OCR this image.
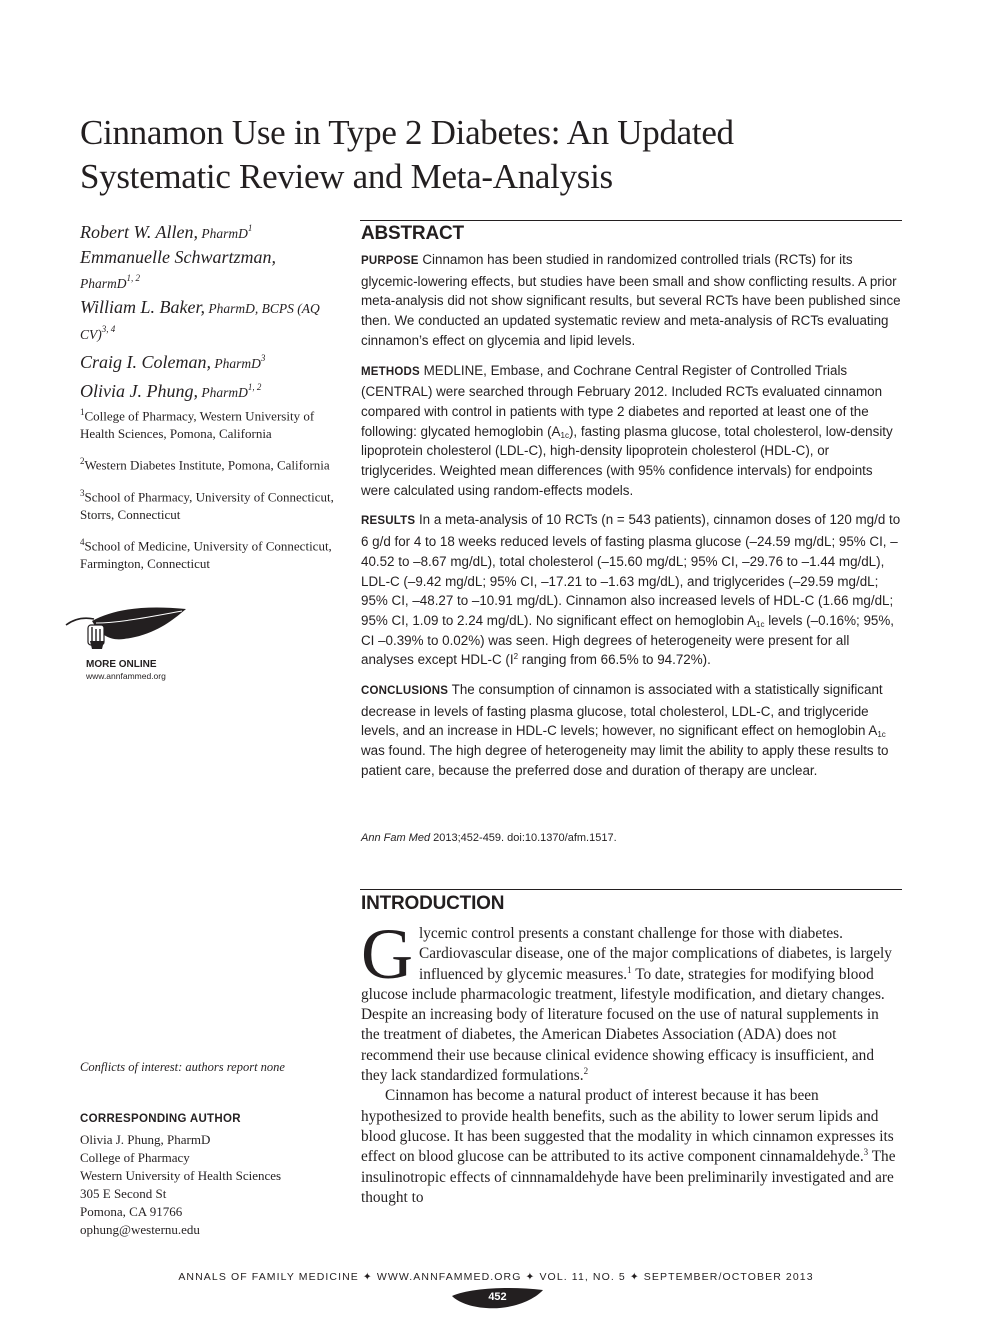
Cinnamon Use in Type 2 Diabetes: An Updated
Systematic Review and Meta-Analysis
Robert W. Allen, PharmD$^1$
Emmanuelle Schwartzman,
PharmD$^{1, 2}$
William L. Baker, PharmD, BCPS (AQ CV)$^{3, 4}$
Craig I. Coleman, PharmD$^3$
Olivia J. Phung, PharmD$^{1, 2}$
$^1$College of Pharmacy, Western University of Health Sciences, Pomona, California
$^2$Western Diabetes Institute, Pomona, California
$^3$School of Pharmacy, University of Connecticut, Storrs, Connecticut
$^4$School of Medicine, University of Connecticut, Farmington, Connecticut
MORE ONLINE
www.annfammed.org
Conflicts of interest: authors report none
CORRESPONDING AUTHOR
Olivia J. Phung, PharmD
College of Pharmacy
Western University of Health Sciences
305 E Second St
Pomona, CA 91766
ophung@westernu.edu
ABSTRACT

PURPOSE Cinnamon has been studied in randomized controlled trials (RCTs) for its glycemic-lowering effects, but studies have been small and show conflicting results. A prior meta-analysis did not show significant results, but several RCTs have been published since then. We conducted an updated systematic review and meta-analysis of RCTs evaluating cinnamon’s effect on glycemia and lipid levels.

METHODS MEDLINE, Embase, and Cochrane Central Register of Controlled Trials (CENTRAL) were searched through February 2012. Included RCTs evaluated cinnamon compared with control in patients with type 2 diabetes and reported at least one of the following: glycated hemoglobin $(A_{1c})$, fasting plasma glucose, total cholesterol, low-density lipoprotein cholesterol (LDL-C), high-density lipoprotein cholesterol (HDL-C), or triglycerides. Weighted mean differences (with 95% confidence intervals) for endpoints were calculated using random-effects models.

RESULTS In a meta-analysis of 10 RCTs (n = 543 patients), cinnamon doses of 120 mg/d to 6 g/d for 4 to 18 weeks reduced levels of fasting plasma glucose (–24.59 mg/dL; 95% CI, –40.52 to –8.67 mg/dL), total cholesterol (–15.60 mg/dL; 95% CI, –29.76 to –1.44 mg/dL), LDL-C (–9.42 mg/dL; 95% CI, –17.21 to –1.63 mg/dL), and triglycerides (–29.59 mg/dL; 95% CI, –48.27 to –10.91 mg/dL). Cinnamon also increased levels of HDL-C (1.66 mg/dL; 95% CI, 1.09 to 2.24 mg/dL). No significant effect on hemoglobin $A_{1c}$ levels (–0.16%; 95%, CI –0.39% to 0.02%) was seen. High degrees of heterogeneity were present for all analyses except HDL-C ($I^2$ ranging from 66.5% to 94.72%).

CONCLUSIONS The consumption of cinnamon is associated with a statistically significant decrease in levels of fasting plasma glucose, total cholesterol, LDL-C, and triglyceride levels, and an increase in HDL-C levels; however, no significant effect on hemoglobin $A_{1c}$ was found. The high degree of heterogeneity may limit the ability to apply these results to patient care, because the preferred dose and duration of therapy are unclear.

Ann Fam Med 2013;452-459. doi:10.1370/afm.1517.
INTRODUCTION

Glycemic control presents a constant challenge for those with diabetes. Cardiovascular disease, one of the major complications of diabetes, is largely influenced by glycemic measures.$^1$ To date, strategies for modifying blood glucose include pharmacologic treatment, lifestyle modification, and dietary changes. Despite an increasing body of literature focused on the use of natural supplements in the treatment of diabetes, the American Diabetes Association (ADA) does not recommend their use because clinical evidence showing efficacy is insufficient, and they lack standardized formulations.$^2$

Cinnamon has become a natural product of interest because it has been hypothesized to provide health benefits, such as the ability to lower serum lipids and blood glucose. It has been suggested that the modality in which cinnamon expresses its effect on blood glucose can be attributed to its active component cinnamaldehyde.$^3$ The insulinotropic effects of cinnnamaldehyde have been preliminarily investigated and are thought to

ANNALS OF FAMILY MEDICINE ✦ WWW.ANNFAMMED.ORG ✦ VOL. 11, NO. 5 ✦ SEPTEMBER/OCTOBER 2013
452
